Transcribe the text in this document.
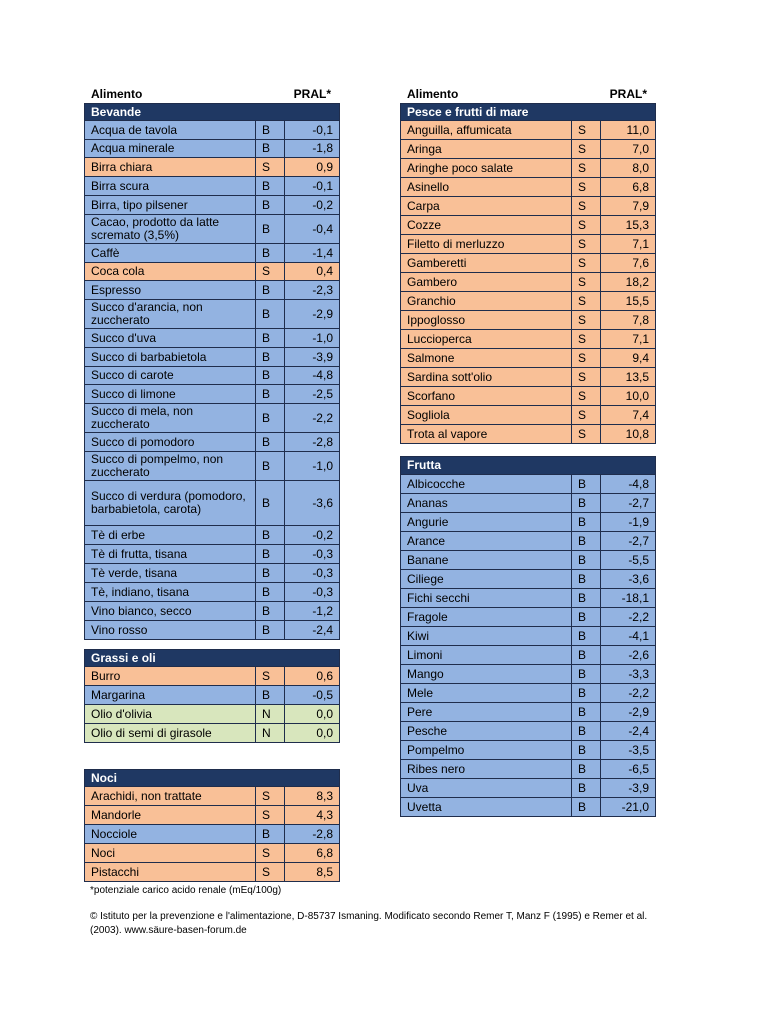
Alimento	PRAL*	Alimento	PRAL*
Bevande		
Acqua de tavola	B	-0,1
Acqua minerale	B	-1,8
Birra chiara	S	0,9
Birra scura	B	-0,1
Birra, tipo pilsener	B	-0,2
Cacao, prodotto da latte scremato (3,5%)	B	-0,4
Caffè	B	-1,4
Coca cola	S	0,4
Espresso	B	-2,3
Succo d'arancia, non zuccherato	B	-2,9
Succo d'uva	B	-1,0
Succo di barbabietola	B	-3,9
Succo di carote	B	-4,8
Succo di limone	B	-2,5
Succo di mela, non zuccherato	B	-2,2
Succo di pomodoro	B	-2,8
Succo di pompelmo, non zuccherato	B	-1,0
Succo di verdura (pomodoro, barbabietola, carota)	B	-3,6
Tè di erbe	B	-0,2
Tè di frutta, tisana	B	-0,3
Tè verde, tisana	B	-0,3
Tè, indiano, tisana	B	-0,3
Vino bianco, secco	B	-1,2
Vino rosso	B	-2,4
Grassi e oli		
Burro	S	0,6
Margarina	B	-0,5
Olio d'olivia	N	0,0
Olio di semi di girasole	N	0,0
Noci		
Arachidi, non trattate	S	8,3
Mandorle	S	4,3
Nocciole	B	-2,8
Noci	S	6,8
Pistacchi	S	8,5
Pesce e frutti di mare		
Anguilla, affumicata	S	11,0
Aringa	S	7,0
Aringhe poco salate	S	8,0
Asinello	S	6,8
Carpa	S	7,9
Cozze	S	15,3
Filetto di merluzzo	S	7,1
Gamberetti	S	7,6
Gambero	S	18,2
Granchio	S	15,5
Ippoglosso	S	7,8
Luccioperca	S	7,1
Salmone	S	9,4
Sardina sott'olio	S	13,5
Scorfano	S	10,0
Sogliola	S	7,4
Trota al vapore	S	10,8
Frutta		
Albicocche	B	-4,8
Ananas	B	-2,7
Angurie	B	-1,9
Arance	B	-2,7
Banane	B	-5,5
Ciliege	B	-3,6
Fichi secchi	B	-18,1
Fragole	B	-2,2
Kiwi	B	-4,1
Limoni	B	-2,6
Mango	B	-3,3
Mele	B	-2,2
Pere	B	-2,9
Pesche	B	-2,4
Pompelmo	B	-3,5
Ribes nero	B	-6,5
Uva	B	-3,9
Uvetta	B	-21,0
*potenziale carico acido renale (mEq/100g)
© Istituto per la prevenzione e l'alimentazione, D-85737 Ismaning. Modificato secondo Remer T, Manz F (1995) e Remer et al. (2003). www.säure-basen-forum.de
